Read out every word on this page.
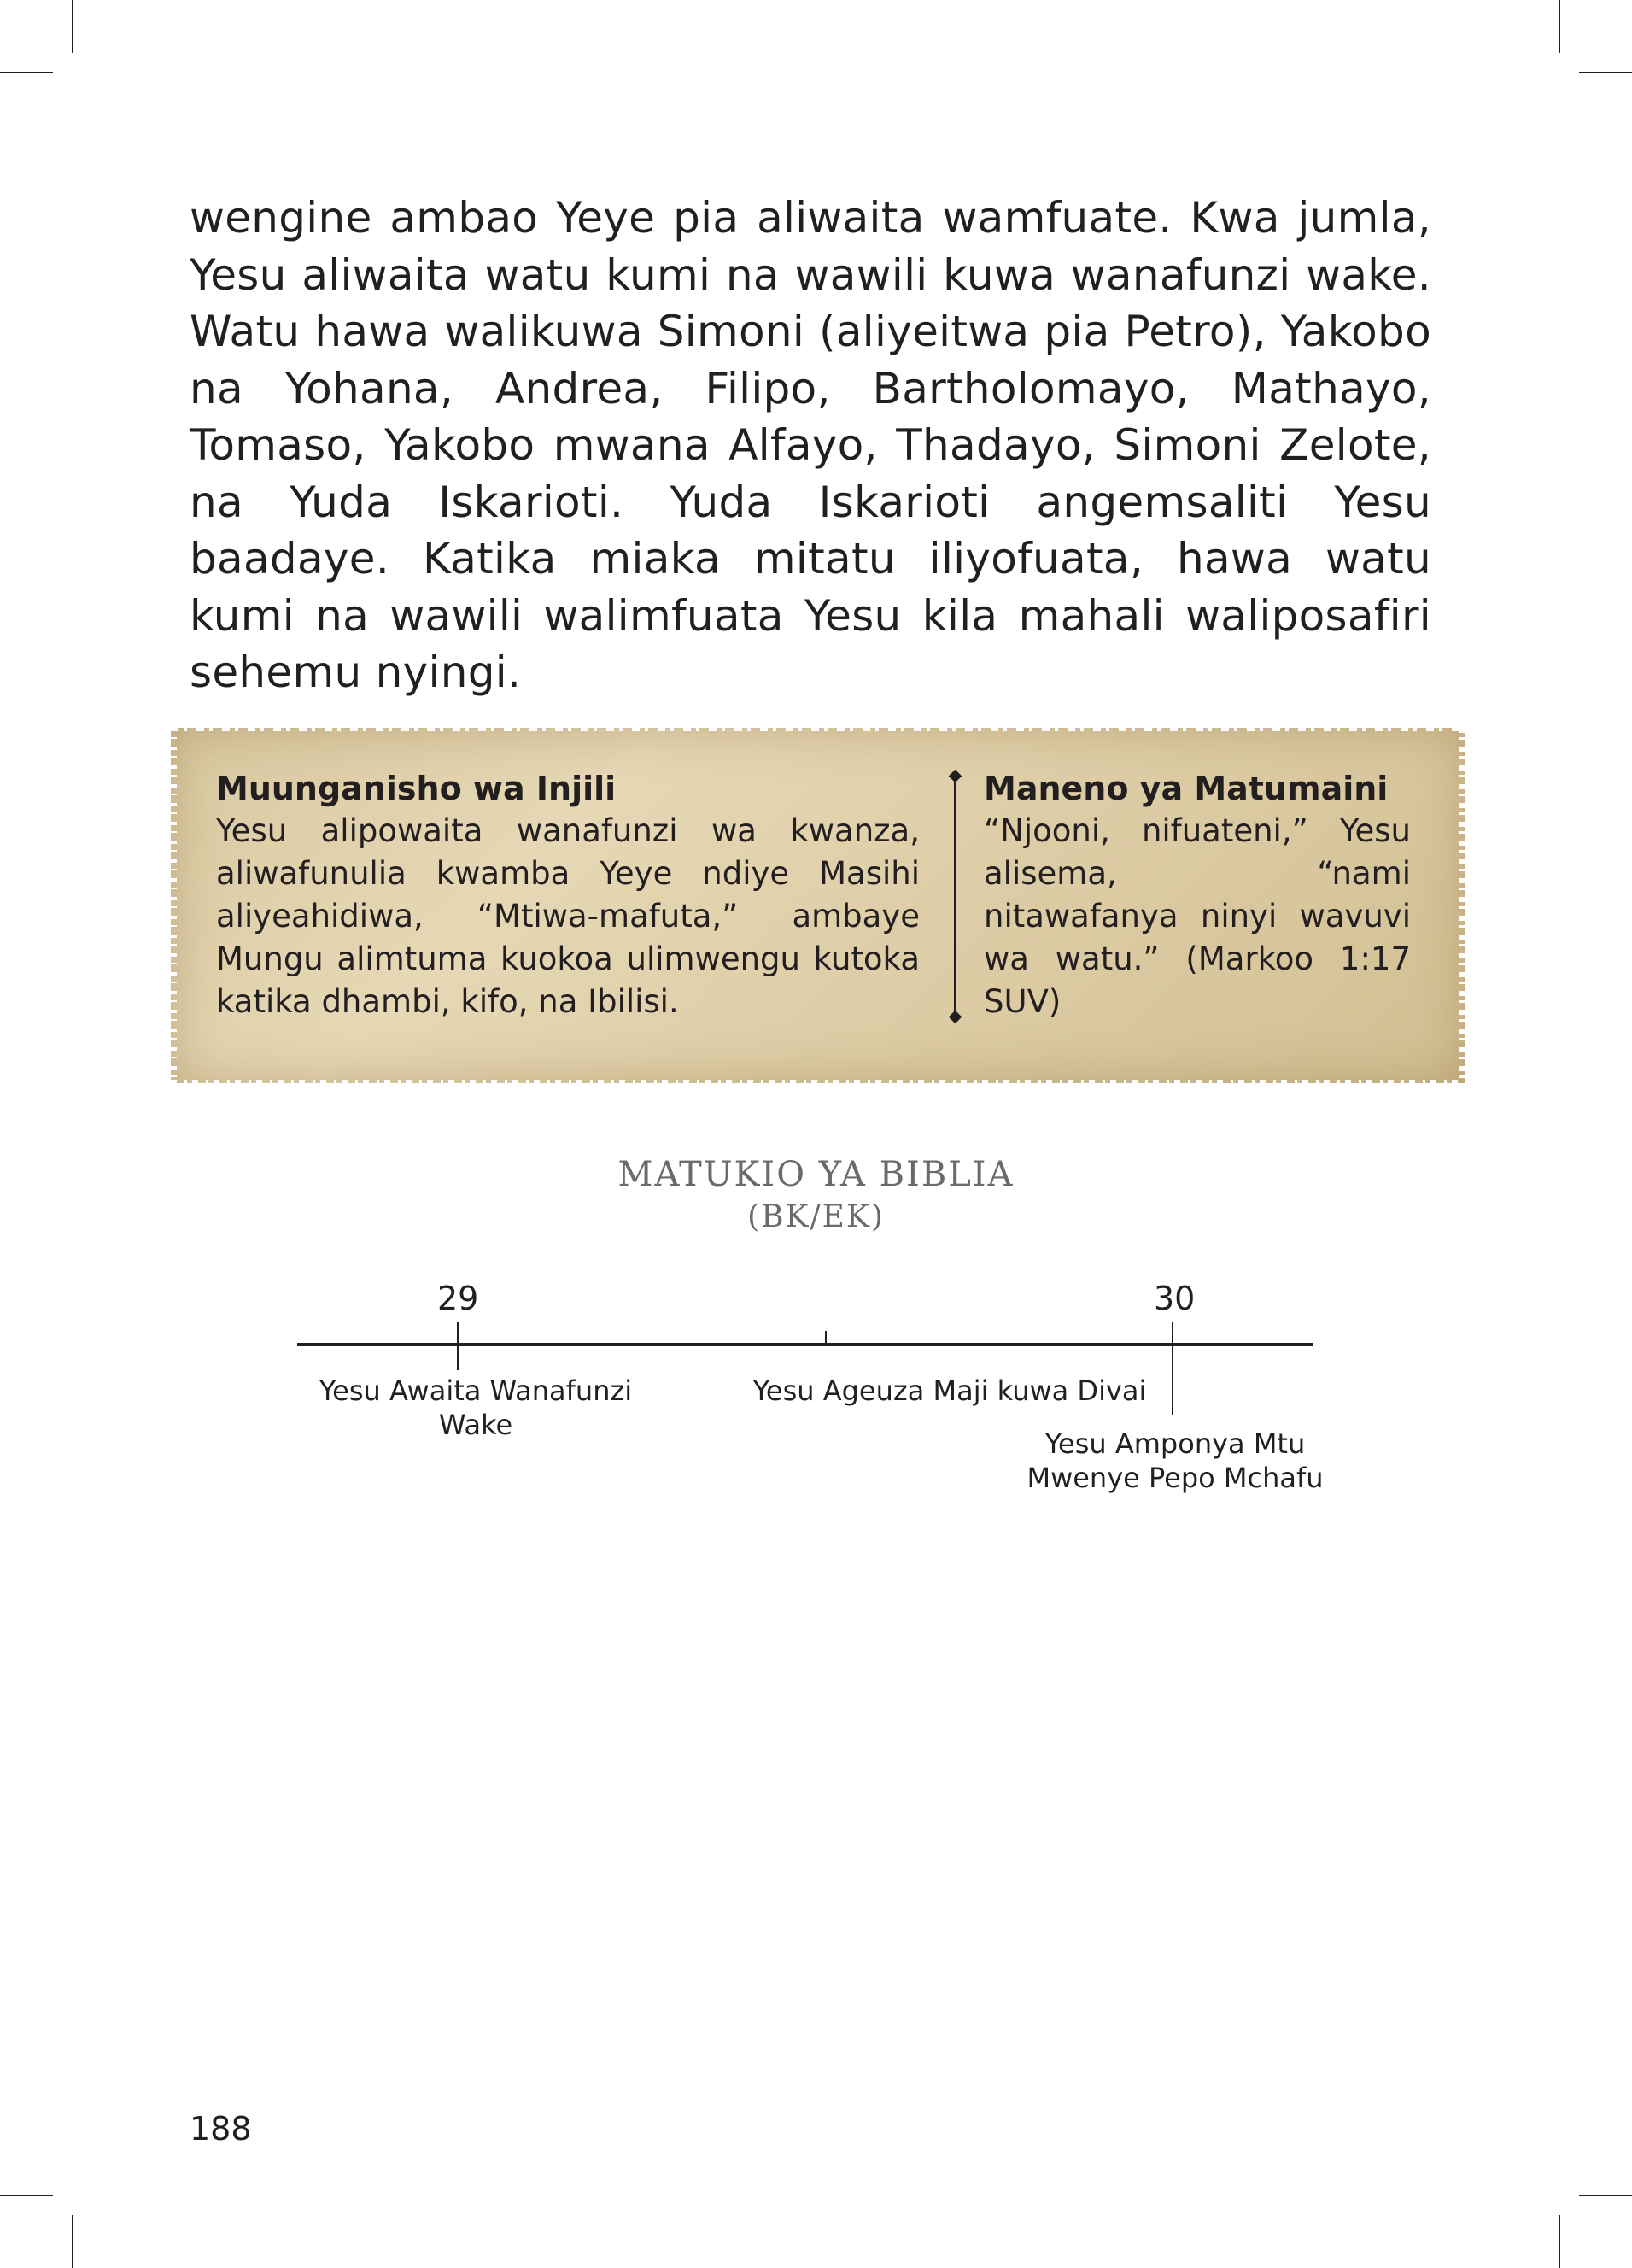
wengine ambao Yeye pia aliwaita wamfuate. Kwa jumla, Yesu aliwaita watu kumi na wawili kuwa wanafunzi wake. Watu hawa walikuwa Simoni (aliyeitwa pia Petro), Yakobo na Yohana, Andrea, Filipo, Bartholomayo, Mathayo, Tomaso, Yakobo mwana Alfayo, Thadayo, Simoni Zelote, na Yuda Iskarioti. Yuda Iskarioti angemsaliti Yesu baadaye. Katika miaka mitatu iliyofuata, hawa watu kumi na wawili walimfuata Yesu kila mahali waliposafiri sehemu nyingi.

Muunganisho wa Injili
Yesu alipowaita wanafunzi wa kwanza, aliwafunulia kwamba Yeye ndiye Masihi aliyeahidiwa, “Mtiwa-mafuta,” ambaye Mungu alimtuma kuokoa ulimwengu kutoka katika dhambi, kifo, na Ibilisi.
Maneno ya Matumaini
“Njooni, nifuateni,” Yesu alisema, “nami nitawafanya ninyi wavuvi wa watu.” (Markoo 1:17 SUV)
MATUKIO YA BIBLIA
(BK/EK)
29	30
Yesu Awaita Wanafunzi Wake
Yesu Ageuza Maji kuwa Divai
Yesu Amponya Mtu Mwenye Pepo Mchafu
188
